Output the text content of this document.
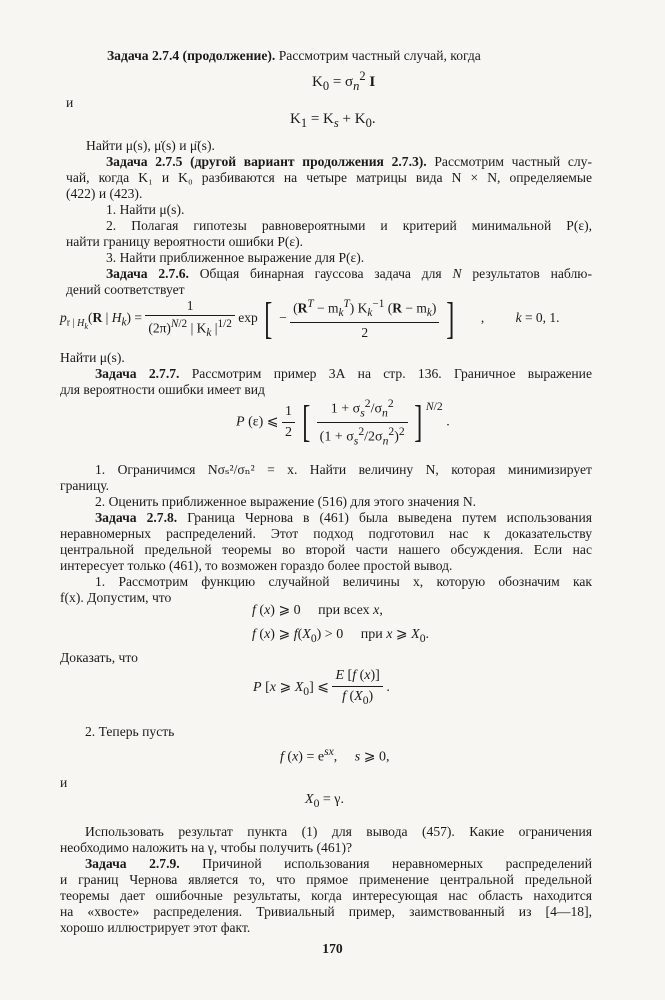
Задача 2.7.4 (продолжение). Рассмотрим частный случай, когда
$K_0 = \sigma_n^2$ I
и
$K_1 = K_s + K_0$.
Найти μ(s), μ̇(s) и μ̈(s).
Задача 2.7.5 (другой вариант продолжения 2.7.3). Рассмотрим частный слу-
чай, когда K₁ и K₀ разбиваются на четыре матрицы вида N × N, определяемые
(422) и (423).
1. Найти μ(s).
2. Полагая гипотезы равновероятными и критерий минимальной P(ε),
найти границу вероятности ошибки P(ε).
3. Найти приближенное выражение для P(ε).
Задача 2.7.6. Общая бинарная гауссова задача для N результатов наблю-
дений соответствует
$p_{r | H_k}(R$ | $H_k) = \frac{1}{(2\pi)^{N/2} | K_k |^{1/2}}$ exp [ − $\frac{(R^T - m_k^T) K_k^{-1} (R - m_k)}{2}$ ] , k = 0, 1.
Найти μ(s).
Задача 2.7.7. Рассмотрим пример 3А на стр. 136. Граничное выражение
для вероятности ошибки имеет вид
P (ε) ⩽ $\frac{1}{2}$ [ $\frac{1 + \sigma_s^2/\sigma_n^2}{(1 + \sigma_s^2/2\sigma_n^2)^2}$ ] $^{N/2}$ .
1. Ограничимся Nσₛ²/σₙ² = x. Найти величину N, которая минимизирует
границу.
2. Оценить приближенное выражение (516) для этого значения N.
Задача 2.7.8. Граница Чернова в (461) была выведена путем использования
неравномерных распределений. Этот подход подготовил нас к доказательству
центральной предельной теоремы во второй части нашего обсуждения. Если нас
интересует только (461), то возможен гораздо более простой вывод.
1. Рассмотрим функцию случайной величины x, которую обозначим как
f(x). Допустим, что
f (x) ⩾ 0     при всех x,
f (x) ⩾ $f(X_0) > 0$     при x ⩾ $X_0$.
Доказать, что
P [x ⩾ $X_0$] ⩽ $\frac{E [f (x)]}{f (X_0)}$ .
2. Теперь пусть
f $(x) = e^{sx}$,     s ⩾ 0,
и
$X_0 = \gamma$.
Использовать результат пункта (1) для вывода (457). Какие ограничения
необходимо наложить на γ, чтобы получить (461)?
Задача 2.7.9. Причиной использования неравномерных распределений
и границ Чернова является то, что прямое применение центральной предельной
теоремы дает ошибочные результаты, когда интересующая нас область находится
на «хвосте» распределения. Тривиальный пример, заимствованный из [4—18],
хорошо иллюстрирует этот факт.
170
